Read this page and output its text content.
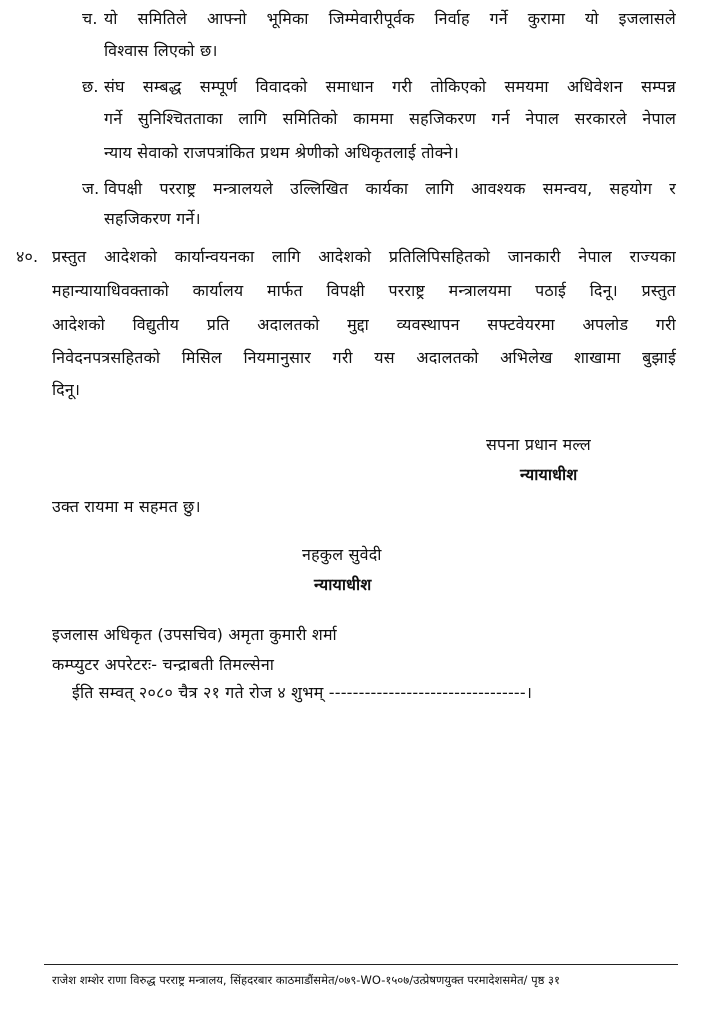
च. यो समितिले आफ्नो भूमिका जिम्मेवारीपूर्वक निर्वाह गर्ने कुरामा यो इजलासले
विश्वास लिएको छ।
छ. संघ सम्बद्ध सम्पूर्ण विवादको समाधान गरी तोकिएको समयमा अधिवेशन सम्पन्न
गर्ने सुनिश्चितताका लागि समितिको काममा सहजिकरण गर्न नेपाल सरकारले नेपाल
न्याय सेवाको राजपत्रांकित प्रथम श्रेणीको अधिकृतलाई तोक्ने।
ज. विपक्षी परराष्ट्र मन्त्रालयले उल्लिखित कार्यका लागि आवश्यक समन्वय, सहयोग र
सहजिकरण गर्ने।
४०. प्रस्तुत आदेशको कार्यान्वयनका लागि आदेशको प्रतिलिपिसहितको जानकारी नेपाल राज्यका
महान्यायाधिवक्ताको कार्यालय मार्फत विपक्षी परराष्ट्र मन्त्रालयमा पठाई दिनू। प्रस्तुत
आदेशको विद्युतीय प्रति अदालतको मुद्दा व्यवस्थापन सफ्टवेयरमा अपलोड गरी
निवेदनपत्रसहितको मिसिल नियमानुसार गरी यस अदालतको अभिलेख शाखामा बुझाई
दिनू।
सपना प्रधान मल्ल
न्यायाधीश
उक्त रायमा म सहमत छु।
नहकुल सुवेदी
न्यायाधीश
इजलास अधिकृत (उपसचिव) अमृता कुमारी शर्मा
कम्प्युटर अपरेटरः- चन्द्राबती तिमल्सेना
ईति सम्वत् २०८० चैत्र २१ गते रोज ४ शुभम् ---------------------------------।
राजेश शम्शेर राणा विरुद्ध परराष्ट्र मन्त्रालय, सिंहदरबार काठमाडौंसमेत/०७९-WO-१५०७/उत्प्रेषणयुक्त परमादेशसमेत/ पृष्ठ ३१
